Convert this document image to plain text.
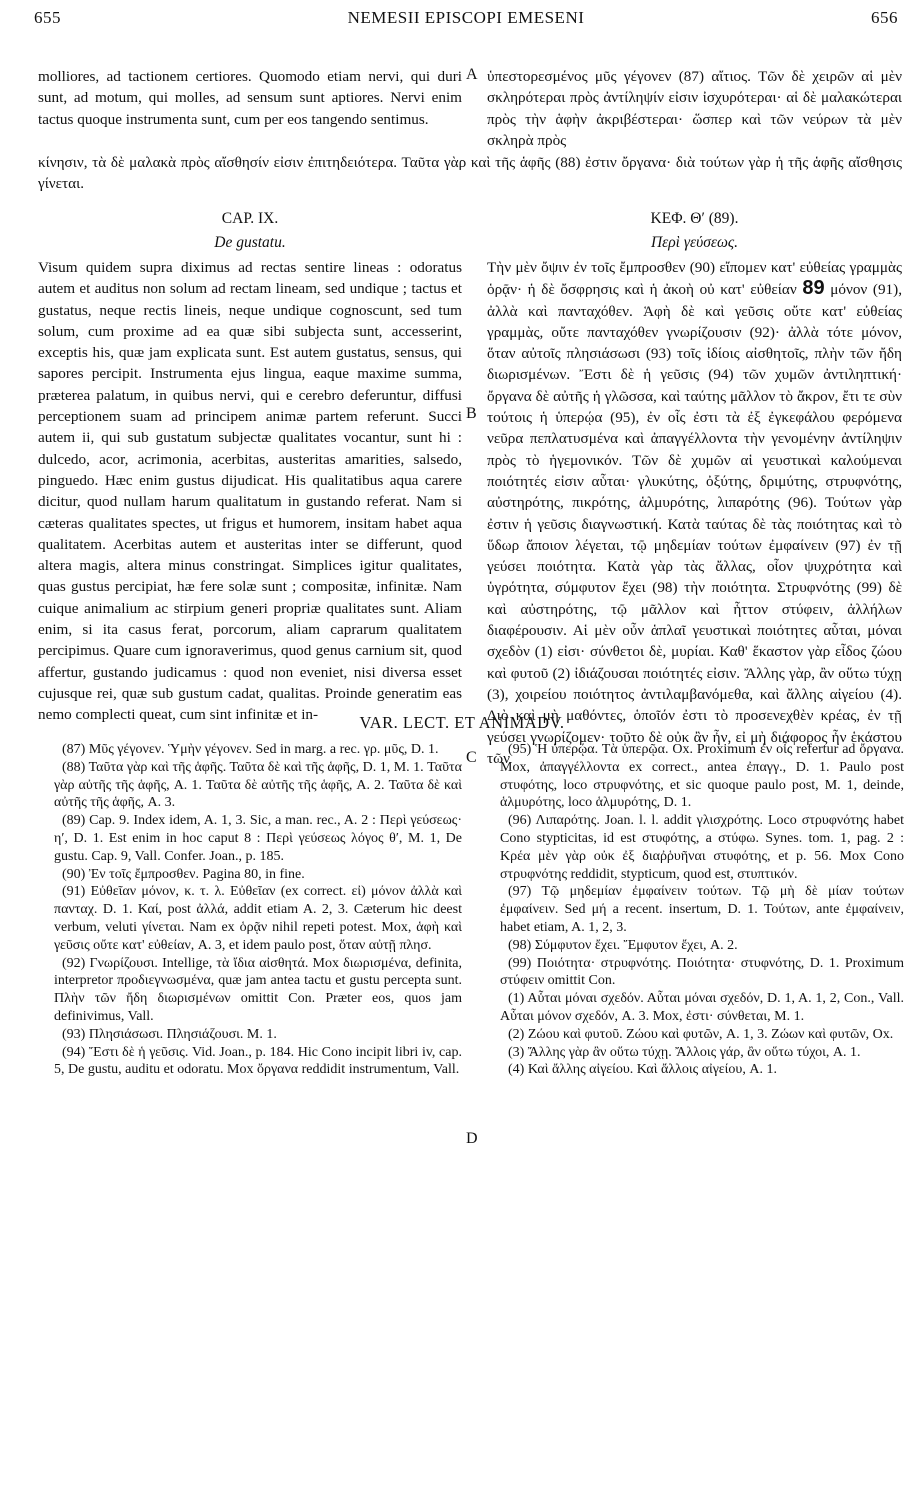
655	NEMESII EPISCOPI EMESENI	656
molliores, ad tactionem certiores. Quomodo etiam nervi, qui duri sunt, ad motum, qui molles, ad sensum sunt aptiores. Nervi enim tactus quoque instrumenta sunt, cum per eos tangendo sentimus.
ὑπεστορεσμένος μῦς γέγονεν (87) αἴτιος. Τῶν δὲ χειρῶν αἱ μὲν σκληρότεραι πρὸς ἀντίληψίν εἰσιν ἰσχυρότεραι· αἱ δὲ μαλακώτεραι πρὸς τὴν ἁφὴν ἀκριβέστεραι· ὥσπερ καὶ τῶν νεύρων τὰ μὲν σκληρὰ πρὸς
κίνησιν, τὰ δὲ μαλακὰ πρὸς αἴσθησίν εἰσιν ἐπιτηδειότερα. Ταῦτα γὰρ καὶ τῆς ἁφῆς (88) ἐστιν ὄργανα· διὰ τούτων γὰρ ἡ τῆς ἁφῆς αἴσθησις γίνεται.
A
B
C
D
CAP. IX.
De gustatu.
ΚΕΦ. Θ′ (89).
Περὶ γεύσεως.
Visum quidem supra diximus ad rectas sentire lineas : odoratus autem et auditus non solum ad rectam lineam, sed undique ; tactus et gustatus, neque rectis lineis, neque undique cognoscunt, sed tum solum, cum proxime ad ea quæ sibi subjecta sunt, accesserint, exceptis his, quæ jam explicata sunt. Est autem gustatus, sensus, qui sapores percipit. Instrumenta ejus lingua, eaque maxime summa, præterea palatum, in quibus nervi, qui e cerebro deferuntur, diffusi perceptionem suam ad principem animæ partem referunt. Succi autem ii, qui sub gustatum subjectæ qualitates vocantur, sunt hi : dulcedo, acor, acrimonia, acerbitas, austeritas amarities, salsedo, pinguedo. Hæc enim gustus dijudicat. His qualitatibus aqua carere dicitur, quod nullam harum qualitatum in gustando referat. Nam si cæteras qualitates spectes, ut frigus et humorem, insitam habet aqua qualitatem. Acerbitas autem et austeritas inter se differunt, quod altera magis, altera minus constringat. Simplices igitur qualitates, quas gustus percipiat, hæ fere solæ sunt ; compositæ, infinitæ. Nam cuique animalium ac stirpium generi propriæ qualitates sunt. Aliam enim, si ita casus ferat, porcorum, aliam caprarum qualitatem percipimus. Quare cum ignoraverimus, quod genus carnium sit, quod affertur, gustando judicamus : quod non eveniet, nisi diversa esset cujusque rei, quæ sub gustum cadat, qualitas. Proinde generatim eas nemo complecti queat, cum sint infinitæ et in-
Τὴν μὲν ὄψιν ἐν τοῖς ἔμπροσθεν (90) εἴπομεν κατ' εὐθείας γραμμὰς ὁρᾷν· ἡ δὲ ὄσφρησις καὶ ἡ ἀκοὴ οὐ κατ' εὐθείαν 89 μόνον (91), ἀλλὰ καὶ πανταχόθεν. Ἁφὴ δὲ καὶ γεῦσις οὔτε κατ' εὐθείας γραμμὰς, οὔτε πανταχόθεν γνωρίζουσιν (92)· ἀλλὰ τότε μόνον, ὅταν αὐτοῖς πλησιάσωσι (93) τοῖς ἰδίοις αἰσθητοῖς, πλὴν τῶν ἤδη διωρισμένων. Ἔστι δὲ ἡ γεῦσις (94) τῶν χυμῶν ἀντιληπτική· ὄργανα δὲ αὐτῆς ἡ γλῶσσα, καὶ ταύτης μᾶλλον τὸ ἄκρον, ἔτι τε σὺν τούτοις ἡ ὑπερῴα (95), ἐν οἷς ἐστι τὰ ἐξ ἐγκεφάλου φερόμενα νεῦρα πεπλατυσμένα καὶ ἀπαγγέλλοντα τὴν γενομένην ἀντίληψιν πρὸς τὸ ἡγεμονικόν. Τῶν δὲ χυμῶν αἱ γευστικαὶ καλούμεναι ποιότητές εἰσιν αὗται· γλυκύτης, ὀξύτης, δριμύτης, στρυφνότης, αὐστηρότης, πικρότης, ἁλμυρότης, λιπαρότης (96). Τούτων γὰρ ἐστιν ἡ γεῦσις διαγνωστική. Κατὰ ταύτας δὲ τὰς ποιότητας καὶ τὸ ὕδωρ ἄποιον λέγεται, τῷ μηδεμίαν τούτων ἐμφαίνειν (97) ἐν τῇ γεύσει ποιότητα. Κατὰ γὰρ τὰς ἄλλας, οἷον ψυχρότητα καὶ ὑγρότητα, σύμφυτον ἔχει (98) τὴν ποιότητα. Στρυφνότης (99) δὲ καὶ αὐστηρότης, τῷ μᾶλλον καὶ ἧττον στύφειν, ἀλλήλων διαφέρουσιν. Αἱ μὲν οὖν ἁπλαῖ γευστικαὶ ποιότητες αὗται, μόναι σχεδὸν (1) εἰσι· σύνθετοι δὲ, μυρίαι. Καθ' ἕκαστον γὰρ εἶδος ζώου καὶ φυτοῦ (2) ἰδιάζουσαι ποιότητές εἰσιν. Ἄλλης γὰρ, ἂν οὕτω τύχῃ (3), χοιρείου ποιότητος ἀντιλαμβανόμεθα, καὶ ἄλλης αἰγείου (4). Διὸ καὶ μὴ μαθόντες, ὁποῖόν ἐστι τὸ προσενεχθὲν κρέας, ἐν τῇ γεύσει γνωρίζομεν· τοῦτο δὲ οὐκ ἂν ἦν, εἰ μὴ διάφορος ἦν ἑκάστου τῶν
VAR. LECT. ET ANIMADV.

(87) Μῦς γέγονεν. Ὑμὴν γέγονεν. Sed in marg. a rec. γρ. μῦς, D. 1.

(88) Ταῦτα γὰρ καὶ τῆς ἁφῆς. Ταῦτα δὲ καὶ τῆς ἁφῆς, D. 1, M. 1. Ταῦτα γὰρ αὐτῆς τῆς ἁφῆς, A. 1. Ταῦτα δὲ αὐτῆς τῆς ἁφῆς, A. 2. Ταῦτα δὲ καὶ αὐτῆς τῆς ἁφῆς, A. 3.

(89) Cap. 9. Index idem, A. 1, 3. Sic, a man. rec., A. 2 : Περὶ γεύσεως· η′, D. 1. Est enim in hoc caput 8 : Περὶ γεύσεως λόγος θ′, M. 1, De gustu. Cap. 9, Vall. Confer. Joan., p. 185.

(90) Ἐν τοῖς ἔμπροσθεν. Pagina 80, in fine.

(91) Εὐθεῖαν μόνον, κ. τ. λ. Εὐθεῖαν (ex correct. εἰ) μόνον ἀλλὰ καὶ πανταχ. D. 1. Καί, post ἀλλά, addit etiam A. 2, 3. Cæterum hic deest verbum, veluti γίνεται. Nam ex ὁρᾷν nihil repeti potest. Mox, ἁφὴ καὶ γεῦσις οὔτε κατ' εὐθείαν, A. 3, et idem paulo post, ὅταν αὐτῇ πλησ.

(92) Γνωρίζουσι. Intellige, τὰ ἴδια αἰσθητά. Mox διωρισμένα, definita, interpretor προδιεγνωσμένα, quæ jam antea tactu et gustu percepta sunt. Πλὴν τῶν ἤδη διωρισμένων omittit Con. Præter eos, quos jam definivimus, Vall.

(93) Πλησιάσωσι. Πλησιάζουσι. M. 1.

(94) Ἔστι δὲ ἡ γεῦσις. Vid. Joan., p. 184. Hic Cono incipit libri iv, cap. 5, De gustu, auditu et odoratu. Mox ὄργανα reddidit instrumentum, Vall.

(95) Ἡ ὑπερῴα. Τὰ ὑπερῷα. Ox. Proximum ἐν οἷς refertur ad ὄργανα. Mox, ἀπαγγέλλοντα ex correct., antea ἐπαγγ., D. 1. Paulo post στυφότης, loco στρυφνότης, et sic quoque paulo post, M. 1, deinde, ἁλμυρότης, loco ἁλμυρότης, D. 1.

(96) Λιπαρότης. Joan. l. l. addit γλισχρότης. Loco στρυφνότης habet Cono stypticitas, id est στυφότης, a στύφω. Synes. tom. 1, pag. 2 : Κρέα μὲν γὰρ οὐκ ἐξ διαῤῥυῆναι στυφότης, et p. 56. Mox Cono στρυφνότης reddidit, stypticum, quod est, στυπτικόν.

(97) Τῷ μηδεμίαν ἐμφαίνειν τούτων. Τῷ μὴ δὲ μίαν τούτων ἐμφαίνειν. Sed μή a recent. insertum, D. 1. Τούτων, ante ἐμφαίνειν, habet etiam, A. 1, 2, 3.

(98) Σύμφυτον ἔχει. Ἔμφυτον ἔχει, A. 2.

(99) Ποιότητα· στρυφνότης. Ποιότητα· στυφνότης, D. 1. Proximum στύφειν omittit Con.

(1) Αὗται μόναι σχεδόν. Αὗται μόναι σχεδόν, D. 1, A. 1, 2, Con., Vall. Αὗται μόνον σχεδόν, A. 3. Mox, ἐστι· σύνθεται, M. 1.

(2) Ζώου καὶ φυτοῦ. Ζώου καὶ φυτῶν, A. 1, 3. Ζώων καὶ φυτῶν, Ox.

(3) Ἄλλης γὰρ ἂν οὕτω τύχῃ. Ἄλλοις γάρ, ἂν οὕτω τύχοι, A. 1.

(4) Καὶ ἄλλης αἰγείου. Καὶ ἄλλοις αἰγείου, A. 1.
